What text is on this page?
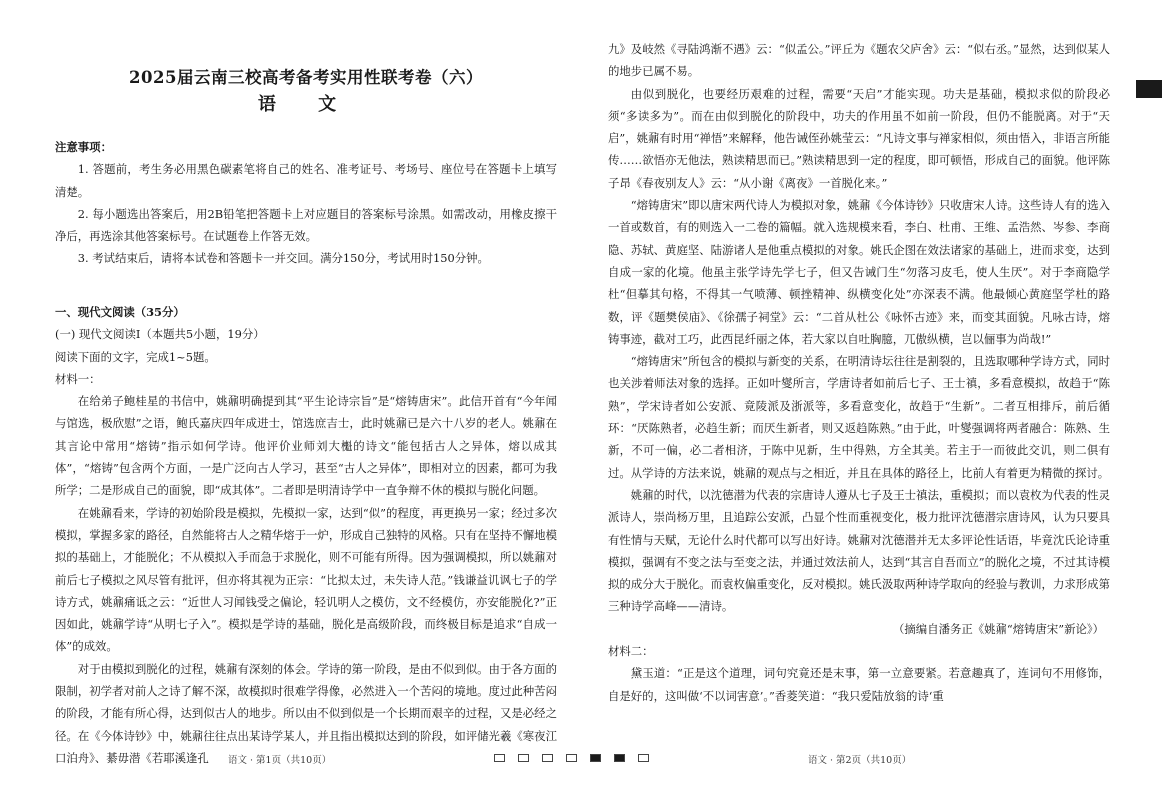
2025届云南三校高考备考实用性联考卷（六）
语 文

注意事项：

1. 答题前，考生务必用黑色碳素笔将自己的姓名、准考证号、考场号、座位号在答题卡上填写清楚。

2. 每小题选出答案后，用2B铅笔把答题卡上对应题目的答案标号涂黑。如需改动，用橡皮擦干净后，再选涂其他答案标号。在试题卷上作答无效。

3. 考试结束后，请将本试卷和答题卡一并交回。满分150分，考试用时150分钟。

一、现代文阅读（35分）

(一) 现代文阅读Ⅰ（本题共5小题，19分）

阅读下面的文字，完成1~5题。

材料一：

在给弟子鲍桂星的书信中，姚鼐明确提到其“平生论诗宗旨”是“熔铸唐宋”。此信开首有“今年闻与馆选，极欣慰”之语，鲍氏嘉庆四年成进士，馆选庶吉士，此时姚鼐已是六十八岁的老人。姚鼐在其言论中常用“熔铸”指示如何学诗。他评价业师刘大櫆的诗文“能包括古人之异体，熔以成其体”，“熔铸”包含两个方面，一是广泛向古人学习，甚至“古人之异体”，即相对立的因素，都可为我所学；二是形成自己的面貌，即“成其体”。二者即是明清诗学中一直争辩不休的模拟与脱化问题。

在姚鼐看来，学诗的初始阶段是模拟，先模拟一家，达到“似”的程度，再更换另一家；经过多次模拟，掌握多家的路径，自然能将古人之精华熔于一炉，形成自己独特的风格。只有在坚持不懈地模拟的基础上，才能脱化；不从模拟入手而急于求脱化，则不可能有所得。因为强调模拟，所以姚鼐对前后七子模拟之风尽管有批评，但亦将其视为正宗：“比拟太过，未失诗人范。”钱谦益讥讽七子的学诗方式，姚鼐痛诋之云：“近世人习闻钱受之偏论，轻讥明人之模仿，文不经模仿，亦安能脱化?”正因如此，姚鼐学诗“从明七子入”。模拟是学诗的基础，脱化是高级阶段，而终极目标是追求“自成一体”的成效。

对于由模拟到脱化的过程，姚鼐有深刻的体会。学诗的第一阶段，是由不似到似。由于各方面的限制，初学者对前人之诗了解不深，故模拟时很难学得像，必然进入一个苦闷的境地。度过此种苦闷的阶段，才能有所心得，达到似古人的地步。所以由不似到似是一个长期而艰辛的过程，又是必经之径。在《今体诗钞》中，姚鼐往往点出某诗学某人，并且指出模拟达到的阶段，如评储光羲《寒夜江口泊舟》、綦毋潜《若耶溪逢孔

九》及岐然《寻陆鸿渐不遇》云：“似孟公。”评丘为《题农父庐舍》云：“似右丞。”显然，达到似某人的地步已属不易。

由似到脱化，也要经历艰难的过程，需要“天启”才能实现。功夫是基础，模拟求似的阶段必须“多读多为”。而在由似到脱化的阶段中，功夫的作用虽不如前一阶段，但仍不能脱离。对于“天启”，姚鼐有时用“禅悟”来解释，他告诫侄孙姚莹云：“凡诗文事与禅家相似，须由悟入，非语言所能传……欲悟亦无他法，熟读精思而已。”熟读精思到一定的程度，即可顿悟，形成自己的面貌。他评陈子昂《春夜别友人》云：“从小谢《离夜》一首脱化来。”

“熔铸唐宋”即以唐宋两代诗人为模拟对象，姚鼐《今体诗钞》只收唐宋人诗。这些诗人有的选入一首或数首，有的则选入一二卷的篇幅。就入选规模来看，李白、杜甫、王维、孟浩然、岑参、李商隐、苏轼、黄庭坚、陆游诸人是他重点模拟的对象。姚氏企图在效法诸家的基础上，进而求变，达到自成一家的化境。他虽主张学诗先学七子，但又告诫门生“勿落习皮毛，使人生厌”。对于李商隐学杜“但摹其句格，不得其一气喷薄、顿挫精神、纵横变化处”亦深表不满。他最倾心黄庭坚学杜的路数，评《题樊侯庙》、《徐孺子祠堂》云：“二首从杜公《咏怀古迹》来，而变其面貌。凡咏古诗，熔铸事迹，截对工巧，此西昆纤丽之体，若大家以自吐胸臆，兀傲纵横，岂以俪事为尚哉!”

“熔铸唐宋”所包含的模拟与新变的关系，在明清诗坛往往是割裂的，且选取哪种学诗方式，同时也关涉着师法对象的选择。正如叶燮所言，学唐诗者如前后七子、王士禛，多看意模拟，故趋于“陈熟”，学宋诗者如公安派、竟陵派及浙派等，多看意变化，故趋于“生新”。二者互相排斥，前后循环：“厌陈熟者，必趋生新；而厌生新者，则又返趋陈熟。”由于此，叶燮强调将两者融合：陈熟、生新，不可一偏，必二者相济，于陈中见新，生中得熟，方全其美。若主于一而彼此交讥，则二俱有过。从学诗的方法来说，姚鼐的观点与之相近，并且在具体的路径上，比前人有着更为精微的探讨。

姚鼐的时代，以沈德潜为代表的宗唐诗人遵从七子及王士禛法，重模拟；而以袁枚为代表的性灵派诗人，崇尚杨万里，且追踪公安派，凸显个性而重视变化，极力批评沈德潜宗唐诗风，认为只要具有性情与天赋，无论什么时代都可以写出好诗。姚鼐对沈德潜并无太多评论性话语，毕竟沈氏论诗重模拟，强调有不变之法与至变之法，并通过效法前人，达到“其言自吾而立”的脱化之境，不过其诗模拟的成分大于脱化。而袁枚偏重变化，反对模拟。姚氏汲取两种诗学取向的经验与教训，力求形成第三种诗学高峰——清诗。

（摘编自潘务正《姚鼐“熔铸唐宋”新论》）

材料二：

黛玉道：“正是这个道理，词句究竟还是末事，第一立意要紧。若意趣真了，连词句不用修饰，自是好的，这叫做‘不以词害意’。”香菱笑道：“我只爱陆放翁的诗‘重

语文 · 第1页（共10页）	语文 · 第2页（共10页）
